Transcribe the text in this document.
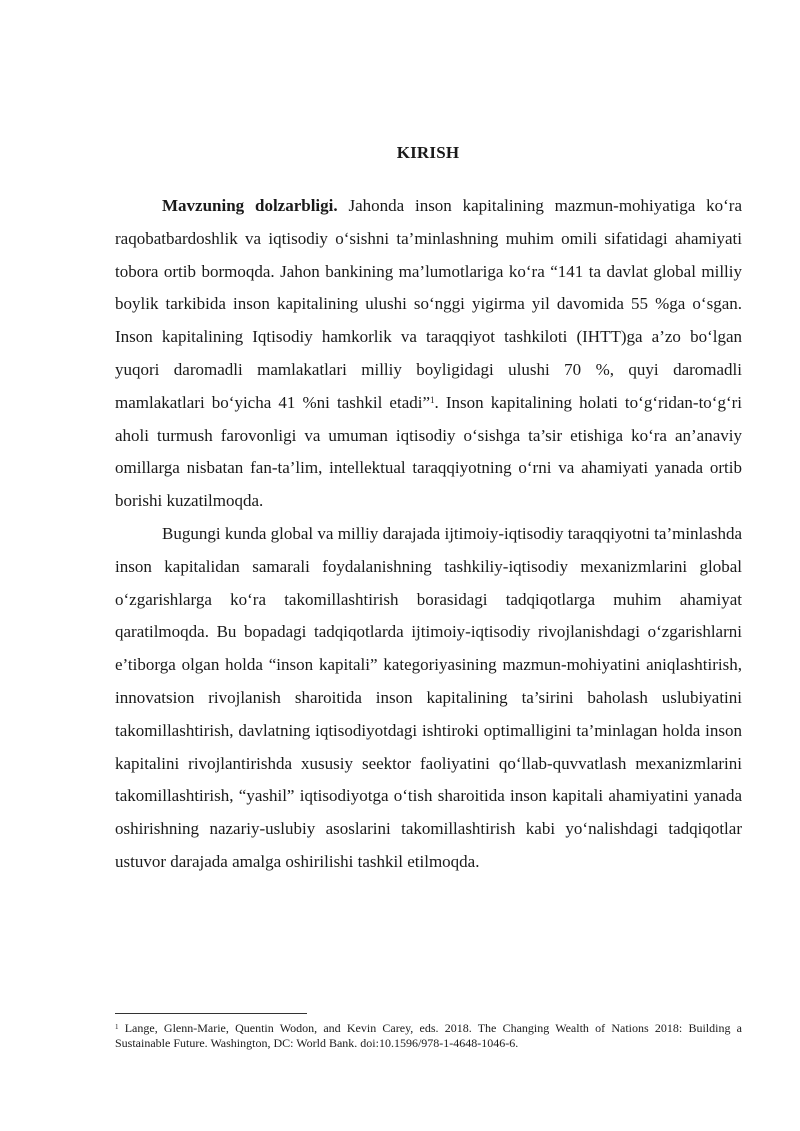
KIRISH

Mavzuning dolzarbligi. Jahonda inson kapitalining mazmun-mohiyatiga ko‘ra raqobatbardoshlik va iqtisodiy o‘sishni ta’minlashning muhim omili sifatidagi ahamiyati tobora ortib bormoqda. Jahon bankining ma’lumotlariga ko‘ra “141 ta davlat global milliy boylik tarkibida inson kapitalining ulushi so‘nggi yigirma yil davomida 55 %ga o‘sgan. Inson kapitalining Iqtisodiy hamkorlik va taraqqiyot tashkiloti (IHTT)ga a’zo bo‘lgan yuqori daromadli mamlakatlari milliy boyligidagi ulushi 70 %, quyi daromadli mamlakatlari bo‘yicha 41 %ni tashkil etadi”$^1$. Inson kapitalining holati to‘g‘ridan-to‘g‘ri aholi turmush farovonligi va umuman iqtisodiy o‘sishga ta’sir etishiga ko‘ra an’anaviy omillarga nisbatan fan-ta’lim, intellektual taraqqiyotning o‘rni va ahamiyati yanada ortib borishi kuzatilmoqda.

Bugungi kunda global va milliy darajada ijtimoiy-iqtisodiy taraqqiyotni ta’minlashda inson kapitalidan samarali foydalanishning tashkiliy-iqtisodiy mexanizmlarini global o‘zgarishlarga ko‘ra takomillashtirish borasidagi tadqiqotlarga muhim ahamiyat qaratilmoqda. Bu bopadagi tadqiqotlarda ijtimoiy-iqtisodiy rivojlanishdagi o‘zgarishlarni e’tiborga olgan holda “inson kapitali” kategoriyasining mazmun-mohiyatini aniqlashtirish, innovatsion rivojlanish sharoitida inson kapitalining ta’sirini baholash uslubiyatini takomillashtirish, davlatning iqtisodiyotdagi ishtiroki optimalligini ta’minlagan holda inson kapitalini rivojlantirishda xususiy seektor faoliyatini qo‘llab-quvvatlash mexanizmlarini takomillashtirish, “yashil” iqtisodiyotga o‘tish sharoitida inson kapitali ahamiyatini yanada oshirishning nazariy-uslubiy asoslarini takomillashtirish kabi yo‘nalishdagi tadqiqotlar ustuvor darajada amalga oshirilishi tashkil etilmoqda.

$^1$ Lange, Glenn-Marie, Quentin Wodon, and Kevin Carey, eds. 2018. The Changing Wealth of Nations 2018: Building a Sustainable Future. Washington, DC: World Bank. doi:10.1596/978-1-4648-1046-6.
